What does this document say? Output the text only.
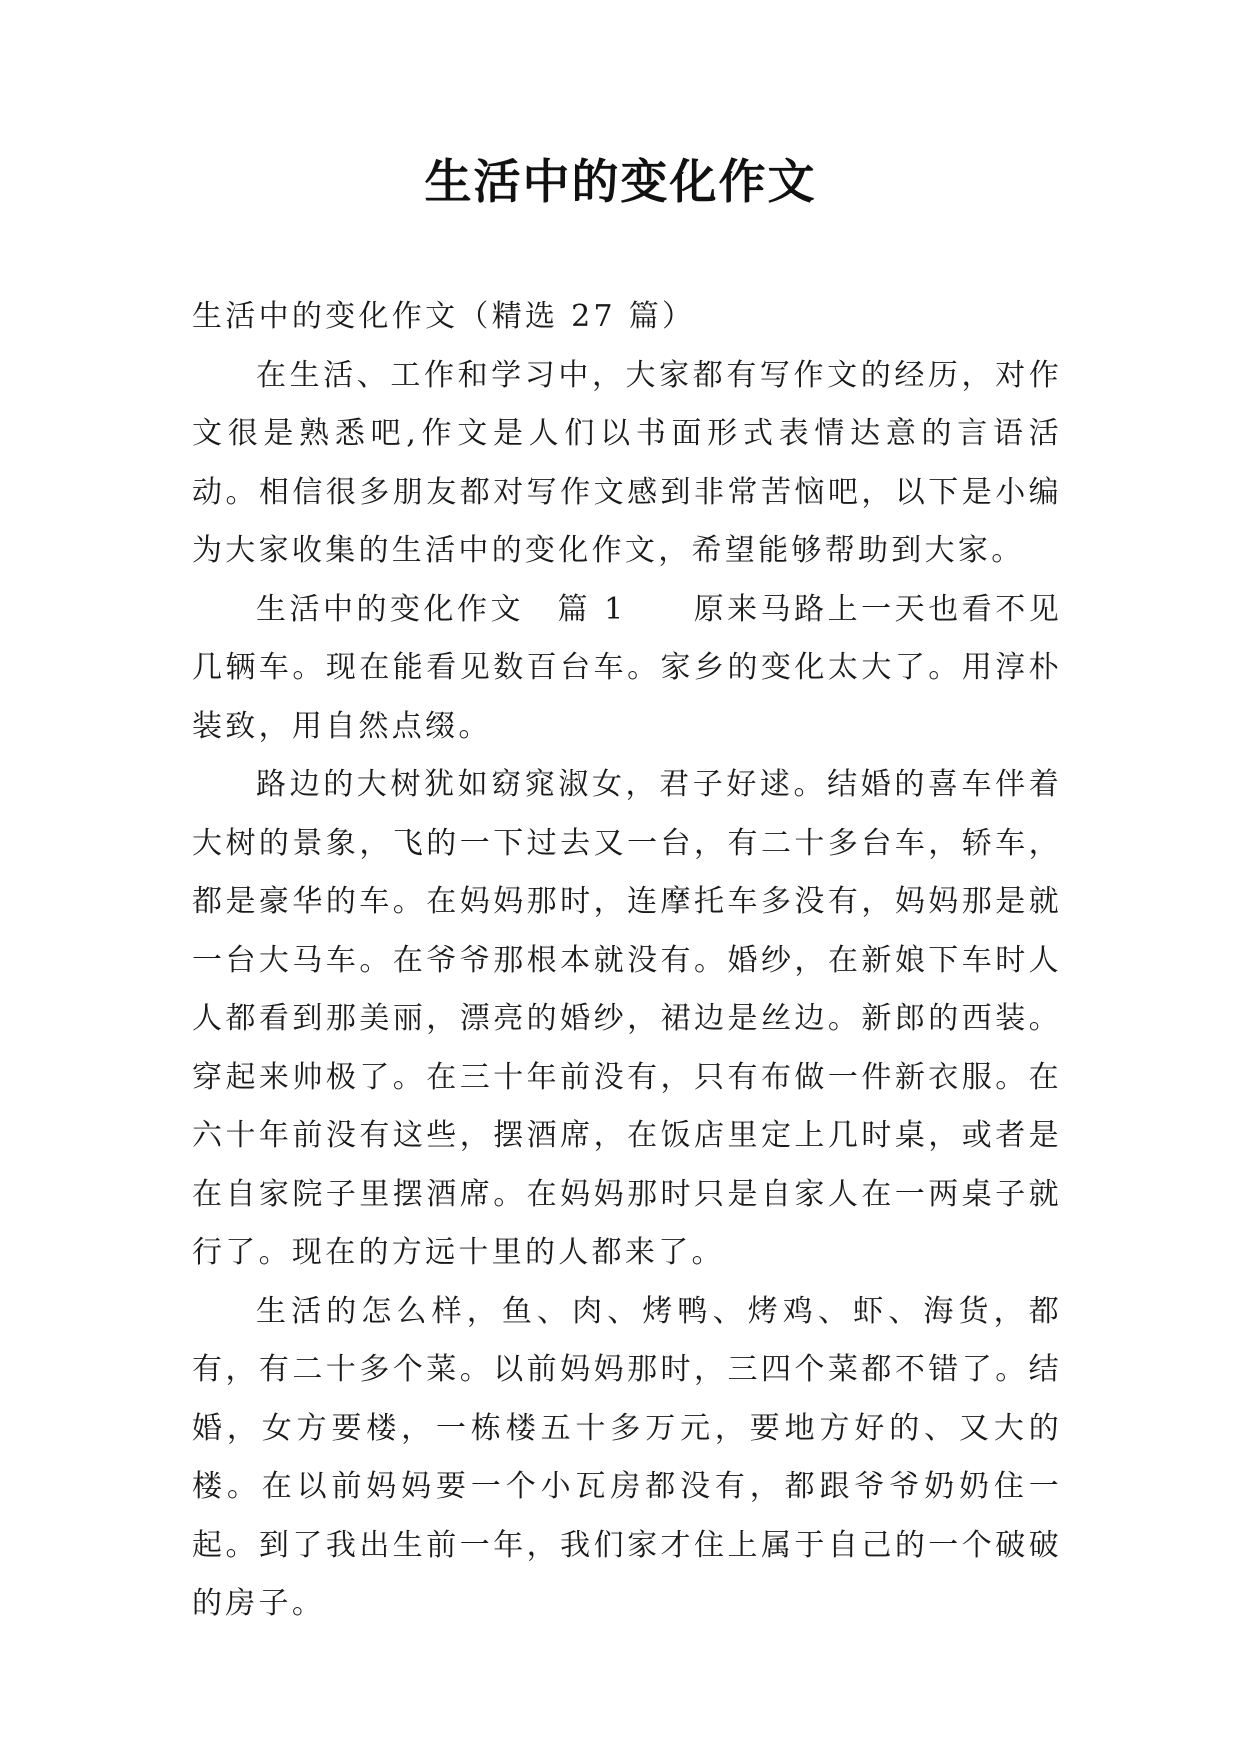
生活中的变化作文

生活中的变化作文（精选 27 篇）

在生活、工作和学习中，大家都有写作文的经历，对作文很是熟悉吧,作文是人们以书面形式表情达意的言语活动。相信很多朋友都对写作文感到非常苦恼吧，以下是小编为大家收集的生活中的变化作文，希望能够帮助到大家。

生活中的变化作文　篇 1　　原来马路上一天也看不见几辆车。现在能看见数百台车。家乡的变化太大了。用淳朴装致，用自然点缀。

路边的大树犹如窈窕淑女，君子好逑。结婚的喜车伴着大树的景象，飞的一下过去又一台，有二十多台车，轿车，都是豪华的车。在妈妈那时，连摩托车多没有，妈妈那是就一台大马车。在爷爷那根本就没有。婚纱，在新娘下车时人人都看到那美丽，漂亮的婚纱，裙边是丝边。新郎的西装。穿起来帅极了。在三十年前没有，只有布做一件新衣服。在六十年前没有这些，摆酒席，在饭店里定上几时桌，或者是在自家院子里摆酒席。在妈妈那时只是自家人在一两桌子就行了。现在的方远十里的人都来了。

生活的怎么样，鱼、肉、烤鸭、烤鸡、虾、海货，都有，有二十多个菜。以前妈妈那时，三四个菜都不错了。结婚，女方要楼，一栋楼五十多万元，要地方好的、又大的楼。在以前妈妈要一个小瓦房都没有，都跟爷爷奶奶住一起。到了我出生前一年，我们家才住上属于自己的一个破破的房子。
